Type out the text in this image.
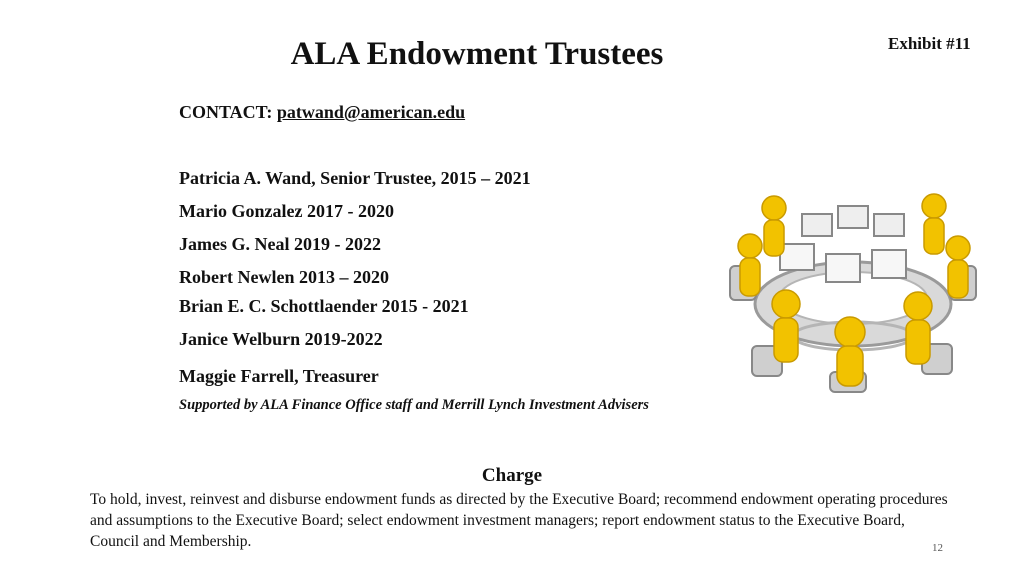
Exhibit #11
ALA Endowment Trustees
CONTACT: patwand@american.edu
Patricia A. Wand, Senior Trustee, 2015 – 2021
Mario Gonzalez 2017 - 2020
James G. Neal 2019 - 2022
Robert Newlen 2013 – 2020
Brian E. C. Schottlaender 2015 - 2021
Janice Welburn 2019-2022
Maggie Farrell, Treasurer
Supported by ALA Finance Office staff and Merrill Lynch Investment Advisers
Charge
To hold, invest, reinvest and disburse endowment funds as directed by the Executive Board; recommend endowment operating procedures and assumptions to the Executive Board; select endowment investment managers; report endowment status to the Executive Board, Council and Membership.	12
